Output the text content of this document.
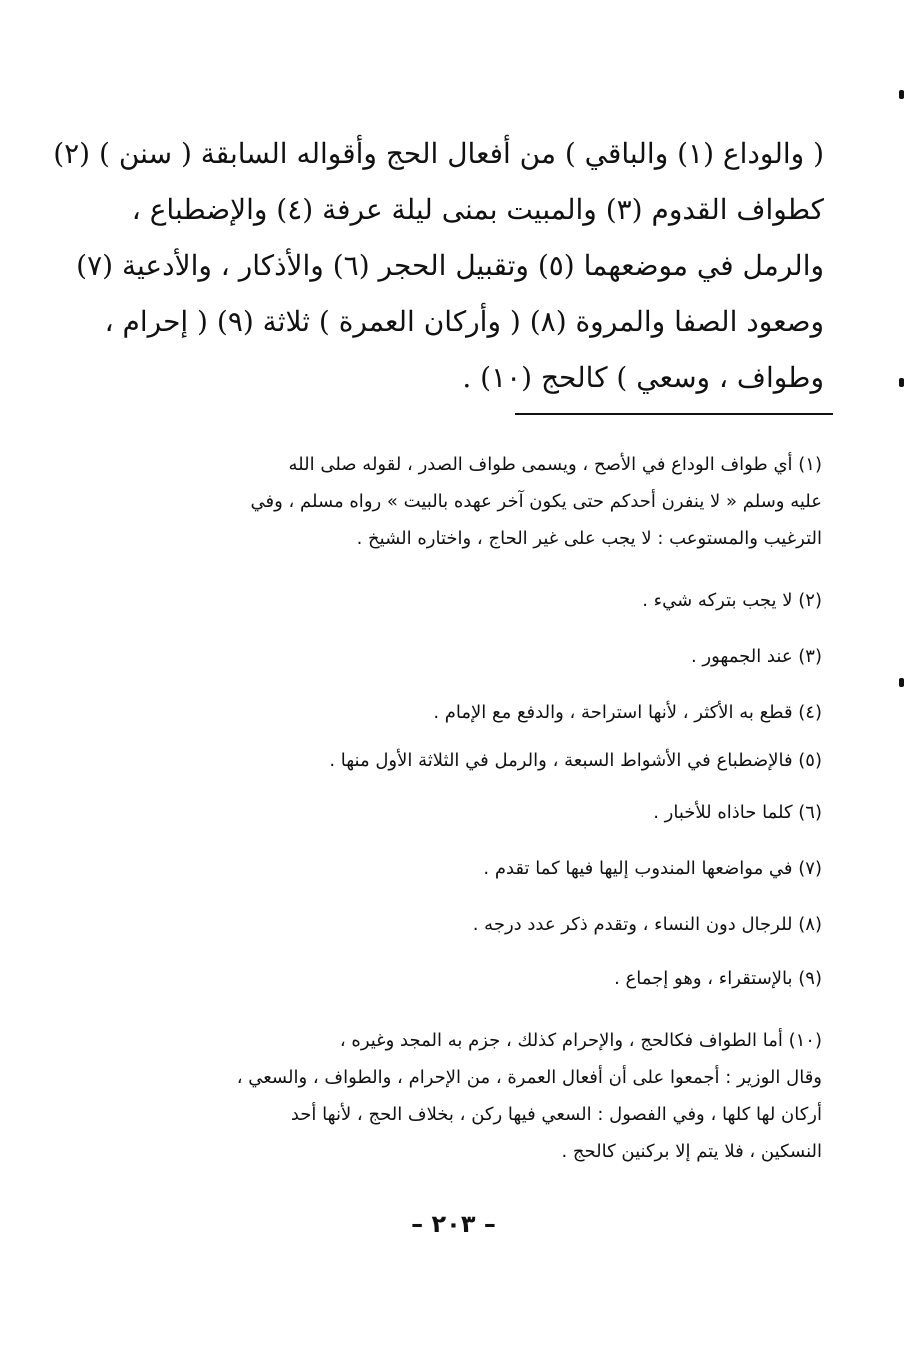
( والوداع (١) والباقي ) من أفعال الحج وأقواله السابقة ( سنن ) (٢)
كطواف القدوم (٣) والمبيت بمنى ليلة عرفة (٤) والإضطباع ،
والرمل في موضعهما (٥) وتقبيل الحجر (٦) والأذكار ، والأدعية (٧)
وصعود الصفا والمروة (٨) ( وأركان العمرة ) ثلاثة (٩) ( إحرام ،
وطواف ، وسعي ) كالحج (١٠) .
(١) أي طواف الوداع في الأصح ، ويسمى طواف الصدر ، لقوله صلى الله
عليه وسلم « لا ينفرن أحدكم حتى يكون آخر عهده بالبيت » رواه مسلم ، وفي
الترغيب والمستوعب : لا يجب على غير الحاج ، واختاره الشيخ .
(٢) لا يجب بتركه شيء .
(٣) عند الجمهور .
(٤) قطع به الأكثر ، لأنها استراحة ، والدفع مع الإمام .
(٥) فالإضطباع في الأشواط السبعة ، والرمل في الثلاثة الأول منها .
(٦) كلما حاذاه للأخبار .
(٧) في مواضعها المندوب إليها فيها كما تقدم .
(٨) للرجال دون النساء ، وتقدم ذكر عدد درجه .
(٩) بالإستقراء ، وهو إجماع .
(١٠) أما الطواف فكالحج ، والإحرام كذلك ، جزم به المجد وغيره ،
وقال الوزير : أجمعوا على أن أفعال العمرة ، من الإحرام ، والطواف ، والسعي ،
أركان لها كلها ، وفي الفصول : السعي فيها ركن ، بخلاف الحج ، لأنها أحد
النسكين ، فلا يتم إلا بركنين كالحج .
– ٢٠٣ –
